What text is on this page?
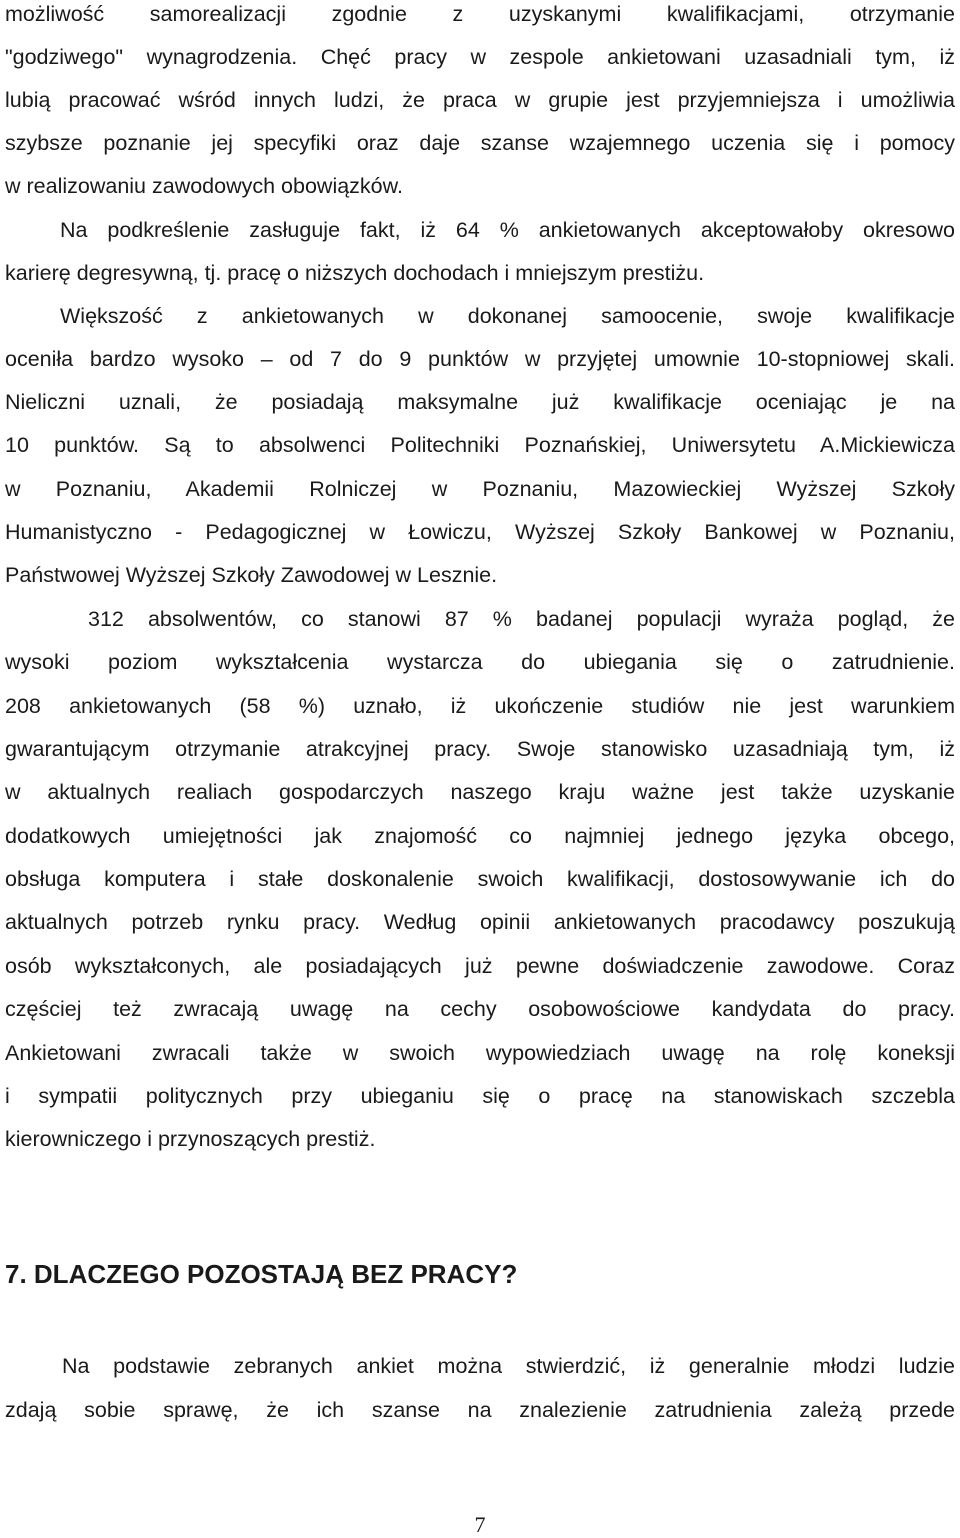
możliwość samorealizacji zgodnie z uzyskanymi kwalifikacjami, otrzymanie
"godziwego" wynagrodzenia. Chęć pracy w zespole ankietowani uzasadniali tym, iż
lubią pracować wśród innych ludzi, że praca w grupie jest przyjemniejsza i umożliwia
szybsze poznanie jej specyfiki oraz daje szanse wzajemnego uczenia się i pomocy
w realizowaniu zawodowych obowiązków.
Na podkreślenie zasługuje fakt, iż 64 % ankietowanych akceptowałoby okresowo
karierę degresywną, tj. pracę o niższych dochodach i mniejszym prestiżu.
Większość z ankietowanych w dokonanej samoocenie, swoje kwalifikacje
oceniła bardzo wysoko – od 7 do 9 punktów w przyjętej umownie 10-stopniowej skali.
Nieliczni uznali, że posiadają maksymalne już kwalifikacje oceniając je na
10 punktów. Są to absolwenci Politechniki Poznańskiej, Uniwersytetu A.Mickiewicza
w Poznaniu, Akademii Rolniczej w Poznaniu, Mazowieckiej Wyższej Szkoły
Humanistyczno - Pedagogicznej w Łowiczu, Wyższej Szkoły Bankowej w Poznaniu,
Państwowej Wyższej Szkoły Zawodowej w Lesznie.
312 absolwentów, co stanowi 87 % badanej populacji wyraża pogląd, że
wysoki poziom wykształcenia wystarcza do ubiegania się o zatrudnienie.
208 ankietowanych (58 %) uznało, iż ukończenie studiów nie jest warunkiem
gwarantującym otrzymanie atrakcyjnej pracy. Swoje stanowisko uzasadniają tym, iż
w aktualnych realiach gospodarczych naszego kraju ważne jest także uzyskanie
dodatkowych umiejętności jak znajomość co najmniej jednego języka obcego,
obsługa komputera i stałe doskonalenie swoich kwalifikacji, dostosowywanie ich do
aktualnych potrzeb rynku pracy. Według opinii ankietowanych pracodawcy poszukują
osób wykształconych, ale posiadających już pewne doświadczenie zawodowe. Coraz
częściej też zwracają uwagę na cechy osobowościowe kandydata do pracy.
Ankietowani zwracali także w swoich wypowiedziach uwagę na rolę koneksji
i sympatii politycznych przy ubieganiu się o pracę na stanowiskach szczebla
kierowniczego i przynoszących prestiż.
7. DLACZEGO POZOSTAJĄ BEZ PRACY?
Na podstawie zebranych ankiet można stwierdzić, iż generalnie młodzi ludzie
zdają sobie sprawę, że ich szanse na znalezienie zatrudnienia zależą przede
7
